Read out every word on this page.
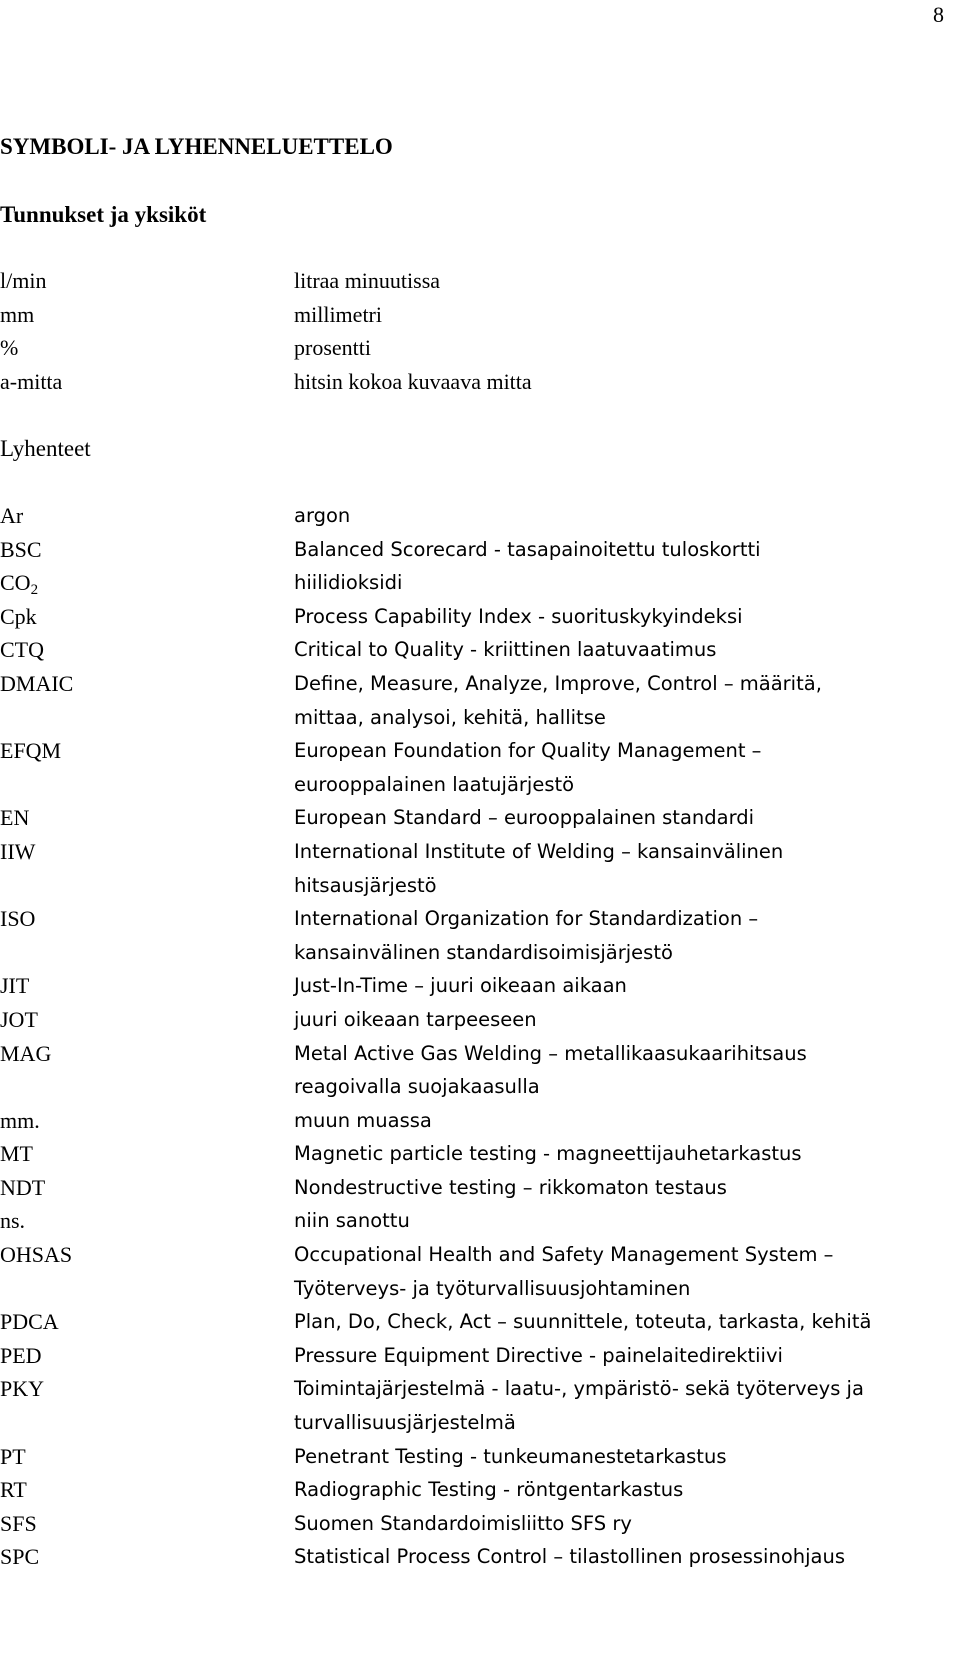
8
SYMBOLI- JA LYHENNELUETTELO
Tunnukset ja yksiköt
l/min	litraa minuutissa
mm	millimetri
%	prosentti
a-mitta	hitsin kokoa kuvaava mitta
Lyhenteet
Ar	argon
BSC	Balanced Scorecard - tasapainoitettu tuloskortti
CO2	hiilidioksidi
Cpk	Process Capability Index - suorituskykyindeksi
CTQ	Critical to Quality - kriittinen laatuvaatimus
DMAIC	Define, Measure, Analyze, Improve, Control – määritä,
mittaa, analysoi, kehitä, hallitse
EFQM	European Foundation for Quality Management –
eurooppalainen laatujärjestö
EN	European Standard – eurooppalainen standardi
IIW	International Institute of Welding – kansainvälinen
hitsausjärjestö
ISO	International Organization for Standardization –
kansainvälinen standardisoimisjärjestö
JIT	Just-In-Time – juuri oikeaan aikaan
JOT	juuri oikeaan tarpeeseen
MAG	Metal Active Gas Welding – metallikaasukaarihitsaus
reagoivalla suojakaasulla
mm.	muun muassa
MT	Magnetic particle testing - magneettijauhetarkastus
NDT	Nondestructive testing – rikkomaton testaus
ns.	niin sanottu
OHSAS	Occupational Health and Safety Management System –
Työterveys- ja työturvallisuusjohtaminen
PDCA	Plan, Do, Check, Act – suunnittele, toteuta, tarkasta, kehitä
PED	Pressure Equipment Directive - painelaitedirektiivi
PKY	Toimintajärjestelmä - laatu-, ympäristö- sekä työterveys ja
turvallisuusjärjestelmä
PT	Penetrant Testing - tunkeumanestetarkastus
RT	Radiographic Testing - röntgentarkastus
SFS	Suomen Standardoimisliitto SFS ry
SPC	Statistical Process Control – tilastollinen prosessinohjaus
